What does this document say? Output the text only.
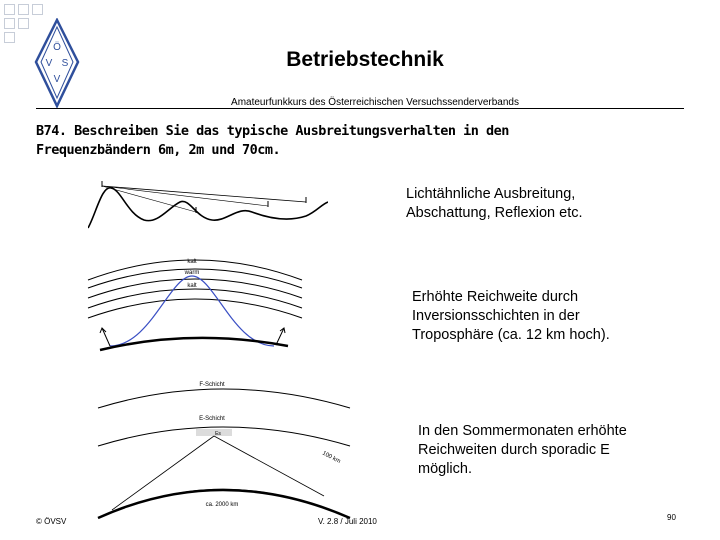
Ö
V S
V
Betriebstechnik
Amateurfunkkurs des Österreichischen Versuchssenderverbands
B74. Beschreiben Sie das typische Ausbreitungsverhalten in den Frequenzbändern 6m, 2m und 70cm.
Lichtähnliche Ausbreitung, Abschattung, Reflexion etc.
kalt
warm
kalt
Erhöhte Reichweite durch Inversionsschichten in der Troposphäre (ca. 12 km hoch).
F-Schicht
E-Schicht
Es
100 km
ca. 2000 km
In den Sommermonaten erhöhte Reichweiten durch sporadic E möglich.
© ÖVSV	V. 2.8 / Juli 2010	90
